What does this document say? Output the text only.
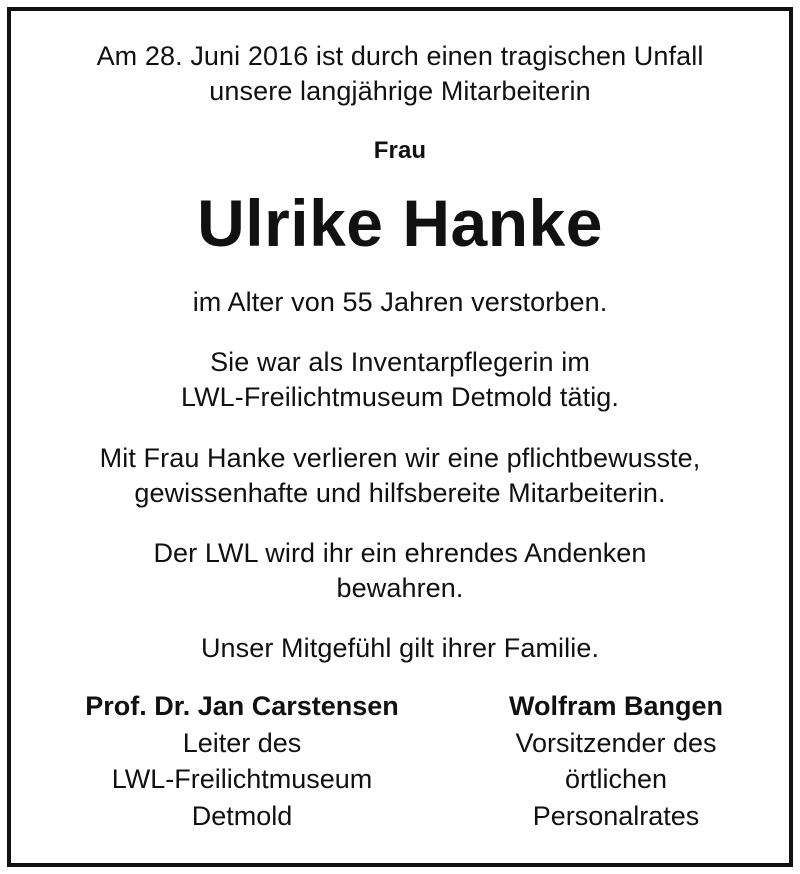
Am 28. Juni 2016 ist durch einen tragischen Unfall
unsere langjährige Mitarbeiterin
Frau
Ulrike Hanke
im Alter von 55 Jahren verstorben.
Sie war als Inventarpflegerin im
LWL-Freilichtmuseum Detmold tätig.
Mit Frau Hanke verlieren wir eine pflichtbewusste,
gewissenhafte und hilfsbereite Mitarbeiterin.
Der LWL wird ihr ein ehrendes Andenken
bewahren.
Unser Mitgefühl gilt ihrer Familie.
Prof. Dr. Jan Carstensen
Leiter des
LWL-Freilichtmuseum
Detmold
Wolfram Bangen
Vorsitzender des
örtlichen
Personalrates
